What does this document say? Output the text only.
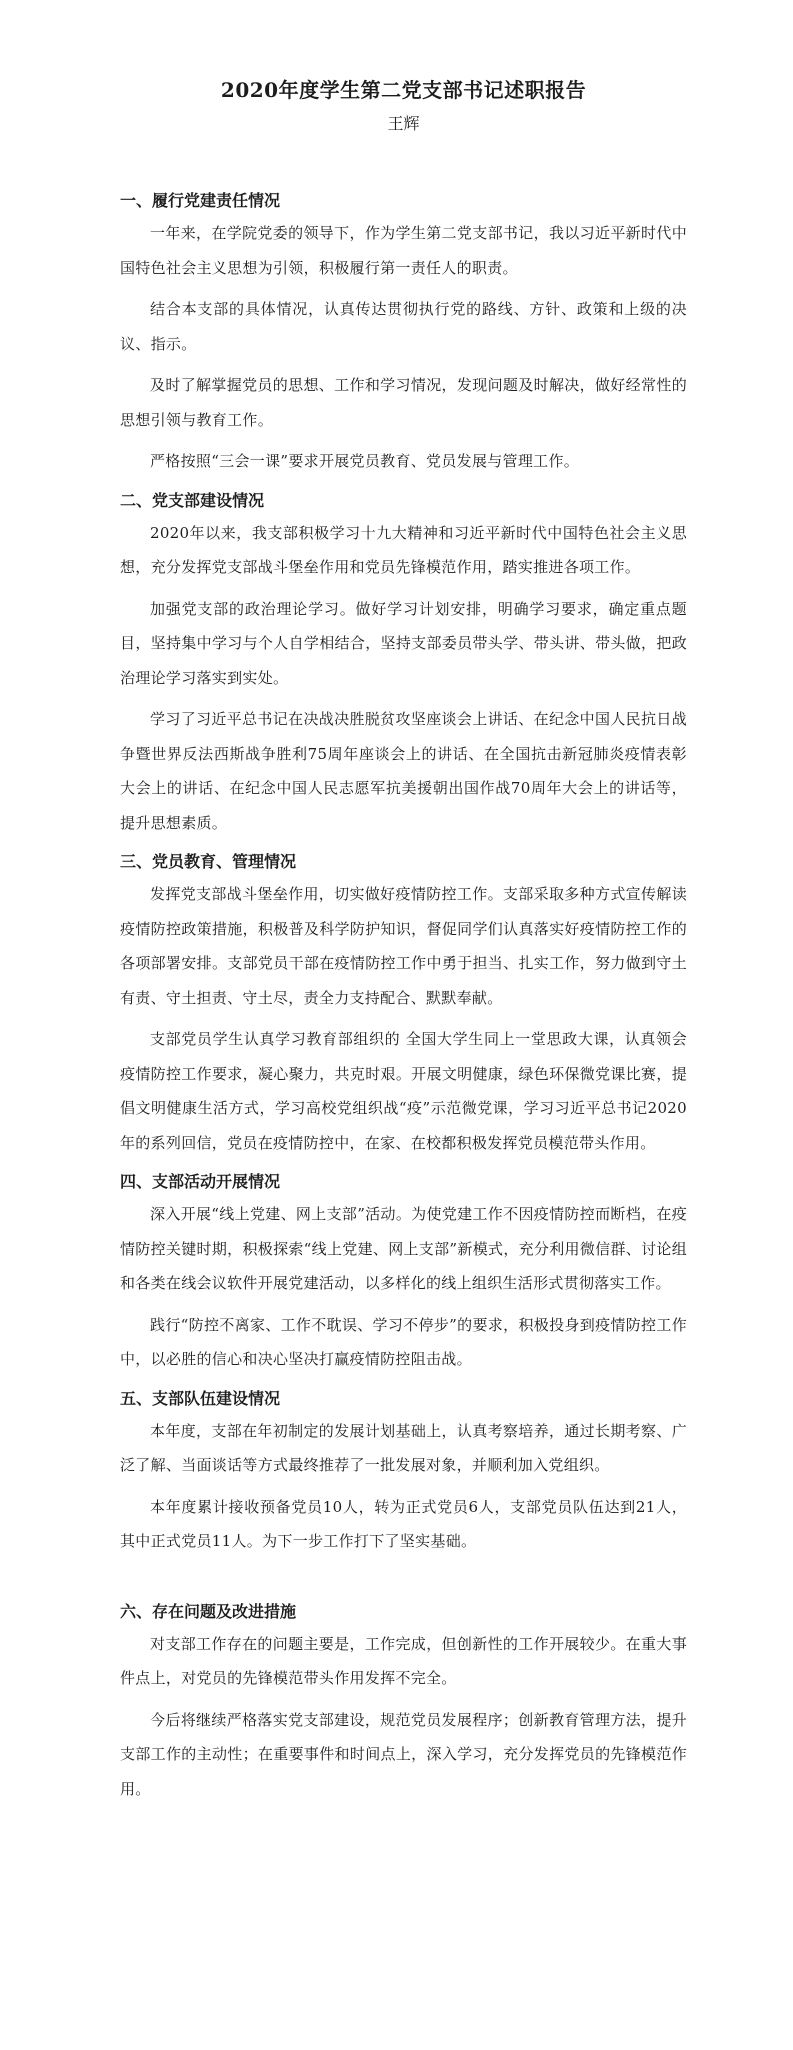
2020年度学生第二党支部书记述职报告
王辉
一、履行党建责任情况

一年来，在学院党委的领导下，作为学生第二党支部书记，我以习近平新时代中国特色社会主义思想为引领，积极履行第一责任人的职责。

结合本支部的具体情况，认真传达贯彻执行党的路线、方针、政策和上级的决议、指示。

及时了解掌握党员的思想、工作和学习情况，发现问题及时解决，做好经常性的思想引领与教育工作。

严格按照“三会一课”要求开展党员教育、党员发展与管理工作。

二、党支部建设情况

2020年以来，我支部积极学习十九大精神和习近平新时代中国特色社会主义思想，充分发挥党支部战斗堡垒作用和党员先锋模范作用，踏实推进各项工作。

加强党支部的政治理论学习。做好学习计划安排，明确学习要求，确定重点题目，坚持集中学习与个人自学相结合，坚持支部委员带头学、带头讲、带头做，把政治理论学习落实到实处。

学习了习近平总书记在决战决胜脱贫攻坚座谈会上讲话、在纪念中国人民抗日战争暨世界反法西斯战争胜利75周年座谈会上的讲话、在全国抗击新冠肺炎疫情表彰大会上的讲话、在纪念中国人民志愿军抗美援朝出国作战70周年大会上的讲话等，提升思想素质。

三、党员教育、管理情况

发挥党支部战斗堡垒作用，切实做好疫情防控工作。支部采取多种方式宣传解读疫情防控政策措施，积极普及科学防护知识，督促同学们认真落实好疫情防控工作的各项部署安排。支部党员干部在疫情防控工作中勇于担当、扎实工作，努力做到守土有责、守土担责、守土尽，责全力支持配合、默默奉献。

支部党员学生认真学习教育部组织的 全国大学生同上一堂思政大课，认真领会疫情防控工作要求，凝心聚力，共克时艰。开展文明健康，绿色环保微党课比赛，提倡文明健康生活方式，学习高校党组织战“疫”示范微党课，学习习近平总书记2020年的系列回信，党员在疫情防控中，在家、在校都积极发挥党员模范带头作用。

四、支部活动开展情况

深入开展“线上党建、网上支部”活动。为使党建工作不因疫情防控而断档，在疫情防控关键时期，积极探索“线上党建、网上支部”新模式，充分利用微信群、讨论组和各类在线会议软件开展党建活动，以多样化的线上组织生活形式贯彻落实工作。

践行“防控不离家、工作不耽误、学习不停步”的要求，积极投身到疫情防控工作中，以必胜的信心和决心坚决打赢疫情防控阻击战。

五、支部队伍建设情况

本年度，支部在年初制定的发展计划基础上，认真考察培养，通过长期考察、广泛了解、当面谈话等方式最终推荐了一批发展对象，并顺利加入党组织。

本年度累计接收预备党员10人，转为正式党员6人，支部党员队伍达到21人，其中正式党员11人。为下一步工作打下了坚实基础。

六、存在问题及改进措施

对支部工作存在的问题主要是，工作完成，但创新性的工作开展较少。在重大事件点上，对党员的先锋模范带头作用发挥不完全。

今后将继续严格落实党支部建设，规范党员发展程序；创新教育管理方法，提升支部工作的主动性；在重要事件和时间点上，深入学习，充分发挥党员的先锋模范作用。
